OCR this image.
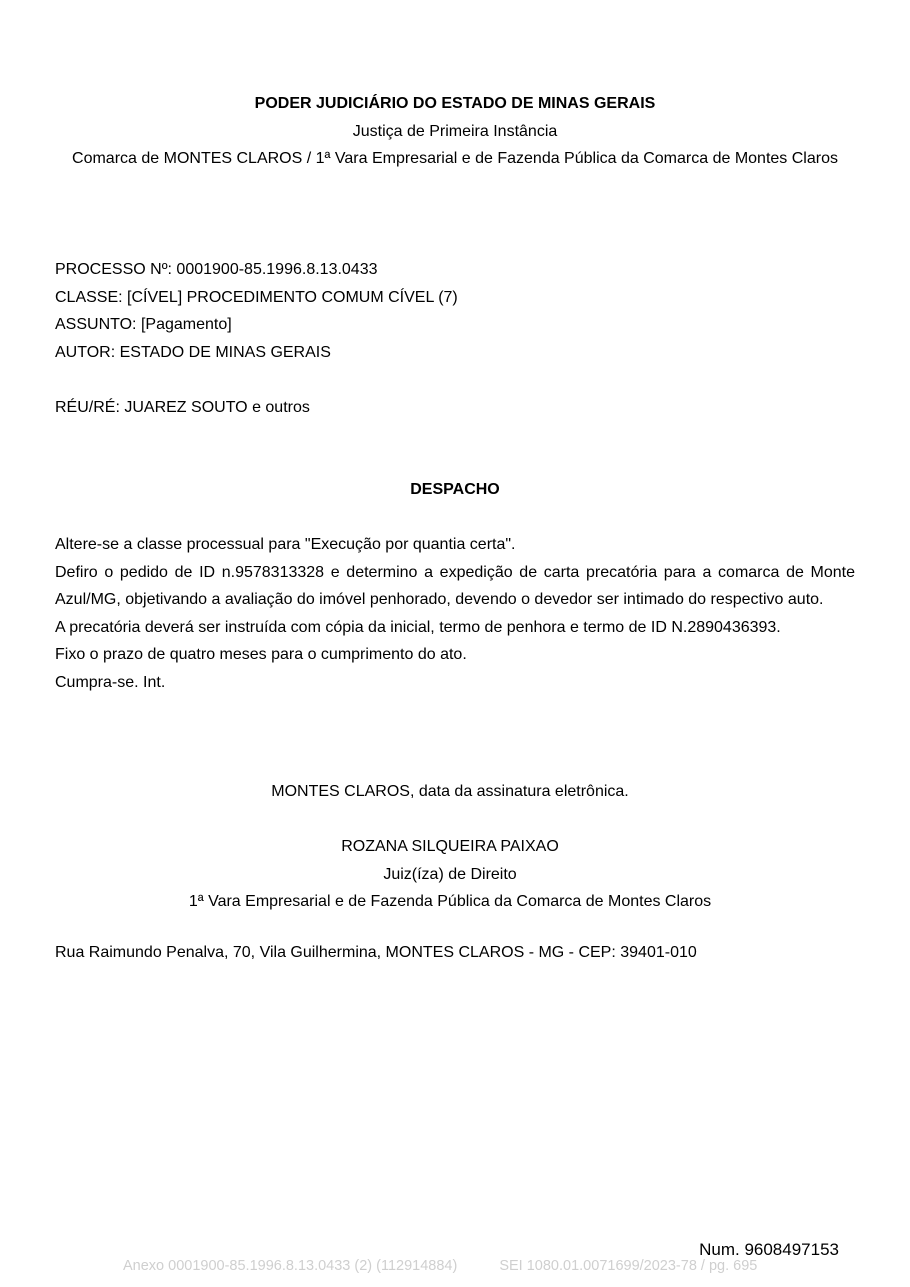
PODER JUDICIÁRIO DO ESTADO DE MINAS GERAIS
Justiça de Primeira Instância
Comarca de MONTES CLAROS / 1ª Vara Empresarial e de Fazenda Pública da Comarca de Montes Claros
PROCESSO Nº: 0001900-85.1996.8.13.0433
CLASSE: [CÍVEL] PROCEDIMENTO COMUM CÍVEL (7)
ASSUNTO: [Pagamento]
AUTOR: ESTADO DE MINAS GERAIS
RÉU/RÉ: JUAREZ SOUTO e outros
DESPACHO

Altere-se a classe processual para "Execução por quantia certa".

Defiro o pedido de ID n.9578313328 e determino a expedição de carta precatória para a comarca de Monte Azul/MG, objetivando a avaliação do imóvel penhorado, devendo o devedor ser intimado do respectivo auto.

A precatória deverá ser instruída com cópia da inicial, termo de penhora e termo de ID N.2890436393.

Fixo o prazo de quatro meses para o cumprimento do ato.

Cumpra-se. Int.

MONTES CLAROS, data da assinatura eletrônica.
ROZANA SILQUEIRA PAIXAO
Juiz(íza) de Direito
1ª Vara Empresarial e de Fazenda Pública da Comarca de Montes Claros
Rua Raimundo Penalva, 70, Vila Guilhermina, MONTES CLAROS - MG - CEP: 39401-010
Num. 9608497153
Anexo 0001900-85.1996.8.13.0433 (2) (112914884)	SEI 1080.01.0071699/2023-78 / pg. 695
